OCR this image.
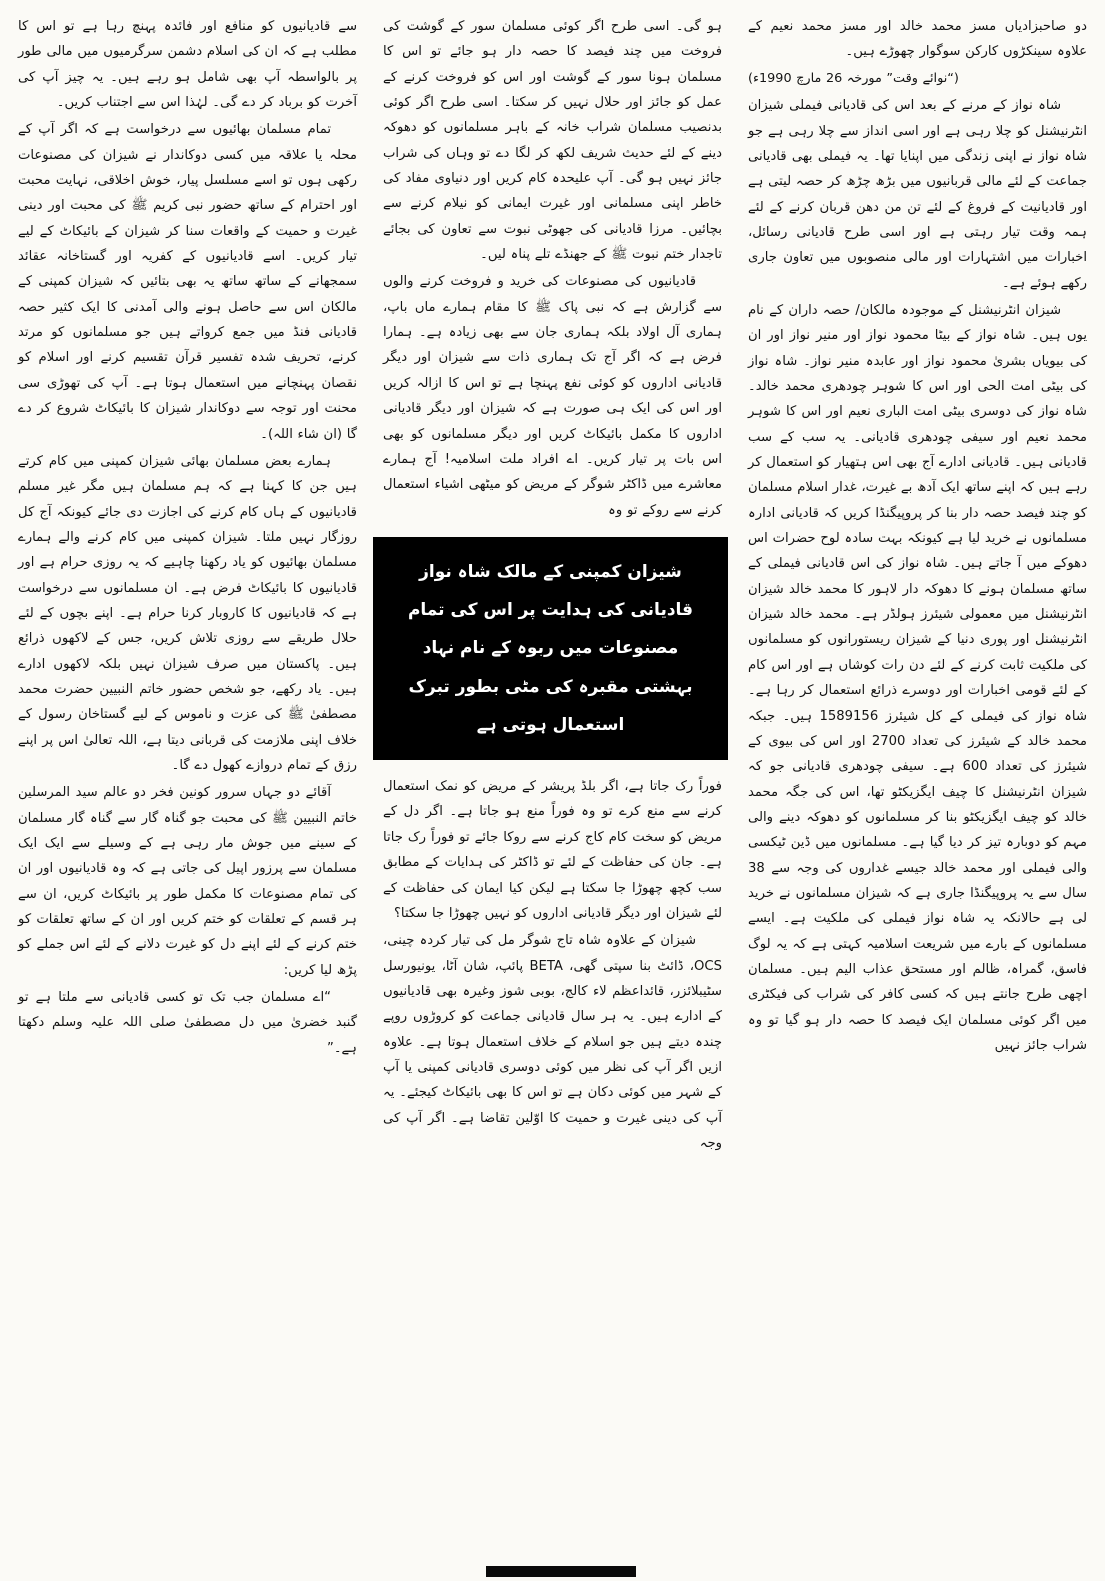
دو صاحبزادیاں مسز محمد خالد اور مسز محمد نعیم کے علاوہ سینکڑوں کارکن سوگوار چھوڑے ہیں۔

(“نوائے وقت” مورخہ 26 مارچ 1990ء)

شاہ نواز کے مرنے کے بعد اس کی قادیانی فیملی شیزان انٹرنیشنل کو چلا رہی ہے اور اسی انداز سے چلا رہی ہے جو شاہ نواز نے اپنی زندگی میں اپنایا تھا۔ یہ فیملی بھی قادیانی جماعت کے لئے مالی قربانیوں میں بڑھ چڑھ کر حصہ لیتی ہے اور قادیانیت کے فروغ کے لئے تن من دھن قربان کرنے کے لئے ہمہ وقت تیار رہتی ہے اور اسی طرح قادیانی رسائل، اخبارات میں اشتہارات اور مالی منصوبوں میں تعاون جاری رکھے ہوئے ہے۔

شیزان انٹرنیشنل کے موجودہ مالکان/ حصہ داران کے نام یوں ہیں۔ شاہ نواز کے بیٹا محمود نواز اور منیر نواز اور ان کی بیویاں بشریٰ محمود نواز اور عابدہ منیر نواز۔ شاہ نواز کی بیٹی امت الحی اور اس کا شوہر چودھری محمد خالد۔ شاہ نواز کی دوسری بیٹی امت الباری نعیم اور اس کا شوہر محمد نعیم اور سیفی چودھری قادیانی۔ یہ سب کے سب قادیانی ہیں۔ قادیانی ادارے آج بھی اس ہتھیار کو استعمال کر رہے ہیں کہ اپنے ساتھ ایک آدھ بے غیرت، غدار اسلام مسلمان کو چند فیصد حصہ دار بنا کر پروپیگنڈا کریں کہ قادیانی ادارہ مسلمانوں نے خرید لیا ہے کیونکہ بہت سادہ لوح حضرات اس دھوکے میں آ جاتے ہیں۔ شاہ نواز کی اس قادیانی فیملی کے ساتھ مسلمان ہونے کا دھوکہ دار لاہور کا محمد خالد شیزان انٹرنیشنل میں معمولی شیئرز ہولڈر ہے۔ محمد خالد شیزان انٹرنیشنل اور پوری دنیا کے شیزان ریستورانوں کو مسلمانوں کی ملکیت ثابت کرنے کے لئے دن رات کوشاں ہے اور اس کام کے لئے قومی اخبارات اور دوسرے ذرائع استعمال کر رہا ہے۔ شاہ نواز کی فیملی کے کل شیئرز 1589156 ہیں۔ جبکہ محمد خالد کے شیئرز کی تعداد 2700 اور اس کی بیوی کے شیئرز کی تعداد 600 ہے۔ سیفی چودھری قادیانی جو کہ شیزان انٹرنیشنل کا چیف ایگزیکٹو تھا، اس کی جگہ محمد خالد کو چیف ایگزیکٹو بنا کر مسلمانوں کو دھوکہ دینے والی مہم کو دوبارہ تیز کر دیا گیا ہے۔ مسلمانوں میں ڈین ٹیکسی والی فیملی اور محمد خالد جیسے غداروں کی وجہ سے 38 سال سے یہ پروپیگنڈا جاری ہے کہ شیزان مسلمانوں نے خرید لی ہے حالانکہ یہ شاہ نواز فیملی کی ملکیت ہے۔ ایسے مسلمانوں کے بارے میں شریعت اسلامیہ کہتی ہے کہ یہ لوگ فاسق، گمراہ، ظالم اور مستحق عذاب الیم ہیں۔ مسلمان اچھی طرح جانتے ہیں کہ کسی کافر کی شراب کی فیکٹری میں اگر کوئی مسلمان ایک فیصد کا حصہ دار ہو گیا تو وہ شراب جائز نہیں

ہو گی۔ اسی طرح اگر کوئی مسلمان سور کے گوشت کی فروخت میں چند فیصد کا حصہ دار ہو جائے تو اس کا مسلمان ہونا سور کے گوشت اور اس کو فروخت کرنے کے عمل کو جائز اور حلال نہیں کر سکتا۔ اسی طرح اگر کوئی بدنصیب مسلمان شراب خانہ کے باہر مسلمانوں کو دھوکہ دینے کے لئے حدیث شریف لکھ کر لگا دے تو وہاں کی شراب جائز نہیں ہو گی۔ آپ علیحدہ کام کریں اور دنیاوی مفاد کی خاطر اپنی مسلمانی اور غیرت ایمانی کو نیلام کرنے سے بچائیں۔ مرزا قادیانی کی جھوٹی نبوت سے تعاون کی بجائے تاجدار ختم نبوت ﷺ کے جھنڈے تلے پناہ لیں۔

قادیانیوں کی مصنوعات کی خرید و فروخت کرنے والوں سے گزارش ہے کہ نبی پاک ﷺ کا مقام ہمارے ماں باپ، ہماری آل اولاد بلکہ ہماری جان سے بھی زیادہ ہے۔ ہمارا فرض ہے کہ اگر آج تک ہماری ذات سے شیزان اور دیگر قادیانی اداروں کو کوئی نفع پہنچا ہے تو اس کا ازالہ کریں اور اس کی ایک ہی صورت ہے کہ شیزان اور دیگر قادیانی اداروں کا مکمل بائیکاٹ کریں اور دیگر مسلمانوں کو بھی اس بات پر تیار کریں۔ اے افراد ملت اسلامیہ! آج ہمارے معاشرے میں ڈاکٹر شوگر کے مریض کو میٹھی اشیاء استعمال کرنے سے روکے تو وہ

شیزان کمپنی کے مالک شاہ نواز قادیانی کی ہدایت پر اس کی تمام مصنوعات میں ربوہ کے نام نہاد بہشتی مقبرہ کی مٹی بطور تبرک استعمال ہوتی ہے

فوراً رک جاتا ہے، اگر بلڈ پریشر کے مریض کو نمک استعمال کرنے سے منع کرے تو وہ فوراً منع ہو جاتا ہے۔ اگر دل کے مریض کو سخت کام کاج کرنے سے روکا جائے تو فوراً رک جاتا ہے۔ جان کی حفاظت کے لئے تو ڈاکٹر کی ہدایات کے مطابق سب کچھ چھوڑا جا سکتا ہے لیکن کیا ایمان کی حفاظت کے لئے شیزان اور دیگر قادیانی اداروں کو نہیں چھوڑا جا سکتا؟

شیزان کے علاوہ شاہ تاج شوگر مل کی تیار کردہ چینی، OCS، ڈائٹ بنا سپتی گھی، BETA پائپ، شان آٹا، یونیورسل سٹیبلائزر، قائداعظم لاء کالج، بوبی شوز وغیرہ بھی قادیانیوں کے ادارے ہیں۔ یہ ہر سال قادیانی جماعت کو کروڑوں روپے چندہ دیتے ہیں جو اسلام کے خلاف استعمال ہوتا ہے۔ علاوہ ازیں اگر آپ کی نظر میں کوئی دوسری قادیانی کمپنی یا آپ کے شہر میں کوئی دکان ہے تو اس کا بھی بائیکاٹ کیجئے۔ یہ آپ کی دینی غیرت و حمیت کا اوّلین تقاضا ہے۔ اگر آپ کی وجہ

سے قادیانیوں کو منافع اور فائدہ پہنچ رہا ہے تو اس کا مطلب ہے کہ ان کی اسلام دشمن سرگرمیوں میں مالی طور پر بالواسطہ آپ بھی شامل ہو رہے ہیں۔ یہ چیز آپ کی آخرت کو برباد کر دے گی۔ لہٰذا اس سے اجتناب کریں۔

تمام مسلمان بھائیوں سے درخواست ہے کہ اگر آپ کے محلہ یا علاقہ میں کسی دوکاندار نے شیزان کی مصنوعات رکھی ہوں تو اسے مسلسل پیار، خوش اخلاقی، نہایت محبت اور احترام کے ساتھ حضور نبی کریم ﷺ کی محبت اور دینی غیرت و حمیت کے واقعات سنا کر شیزان کے بائیکاٹ کے لیے تیار کریں۔ اسے قادیانیوں کے کفریہ اور گستاخانہ عقائد سمجھانے کے ساتھ ساتھ یہ بھی بتائیں کہ شیزان کمپنی کے مالکان اس سے حاصل ہونے والی آمدنی کا ایک کثیر حصہ قادیانی فنڈ میں جمع کرواتے ہیں جو مسلمانوں کو مرتد کرنے، تحریف شدہ تفسیر قرآن تقسیم کرنے اور اسلام کو نقصان پہنچانے میں استعمال ہوتا ہے۔ آپ کی تھوڑی سی محنت اور توجہ سے دوکاندار شیزان کا بائیکاٹ شروع کر دے گا (ان شاء اللہ)۔

ہمارے بعض مسلمان بھائی شیزان کمپنی میں کام کرتے ہیں جن کا کہنا ہے کہ ہم مسلمان ہیں مگر غیر مسلم قادیانیوں کے ہاں کام کرنے کی اجازت دی جائے کیونکہ آج کل روزگار نہیں ملتا۔ شیزان کمپنی میں کام کرنے والے ہمارے مسلمان بھائیوں کو یاد رکھنا چاہیے کہ یہ روزی حرام ہے اور قادیانیوں کا بائیکاٹ فرض ہے۔ ان مسلمانوں سے درخواست ہے کہ قادیانیوں کا کاروبار کرنا حرام ہے۔ اپنے بچوں کے لئے حلال طریقے سے روزی تلاش کریں، جس کے لاکھوں ذرائع ہیں۔ پاکستان میں صرف شیزان نہیں بلکہ لاکھوں ادارے ہیں۔ یاد رکھے، جو شخص حضور خاتم النبیین حضرت محمد مصطفیٰ ﷺ کی عزت و ناموس کے لیے گستاخان رسول کے خلاف اپنی ملازمت کی قربانی دیتا ہے، اللہ تعالیٰ اس پر اپنے رزق کے تمام دروازے کھول دے گا۔

آقائے دو جہاں سرور کونین فخر دو عالم سید المرسلین خاتم النبیین ﷺ کی محبت جو گناہ گار سے گناہ گار مسلمان کے سینے میں جوش مار رہی ہے کے وسیلے سے ایک ایک مسلمان سے پرزور اپیل کی جاتی ہے کہ وہ قادیانیوں اور ان کی تمام مصنوعات کا مکمل طور پر بائیکاٹ کریں، ان سے ہر قسم کے تعلقات کو ختم کریں اور ان کے ساتھ تعلقات کو ختم کرنے کے لئے اپنے دل کو غیرت دلانے کے لئے اس جملے کو پڑھ لیا کریں:

“اے مسلمان جب تک تو کسی قادیانی سے ملتا ہے تو گنبد خضریٰ میں دل مصطفیٰ صلی اللہ علیہ وسلم دکھتا ہے۔”
